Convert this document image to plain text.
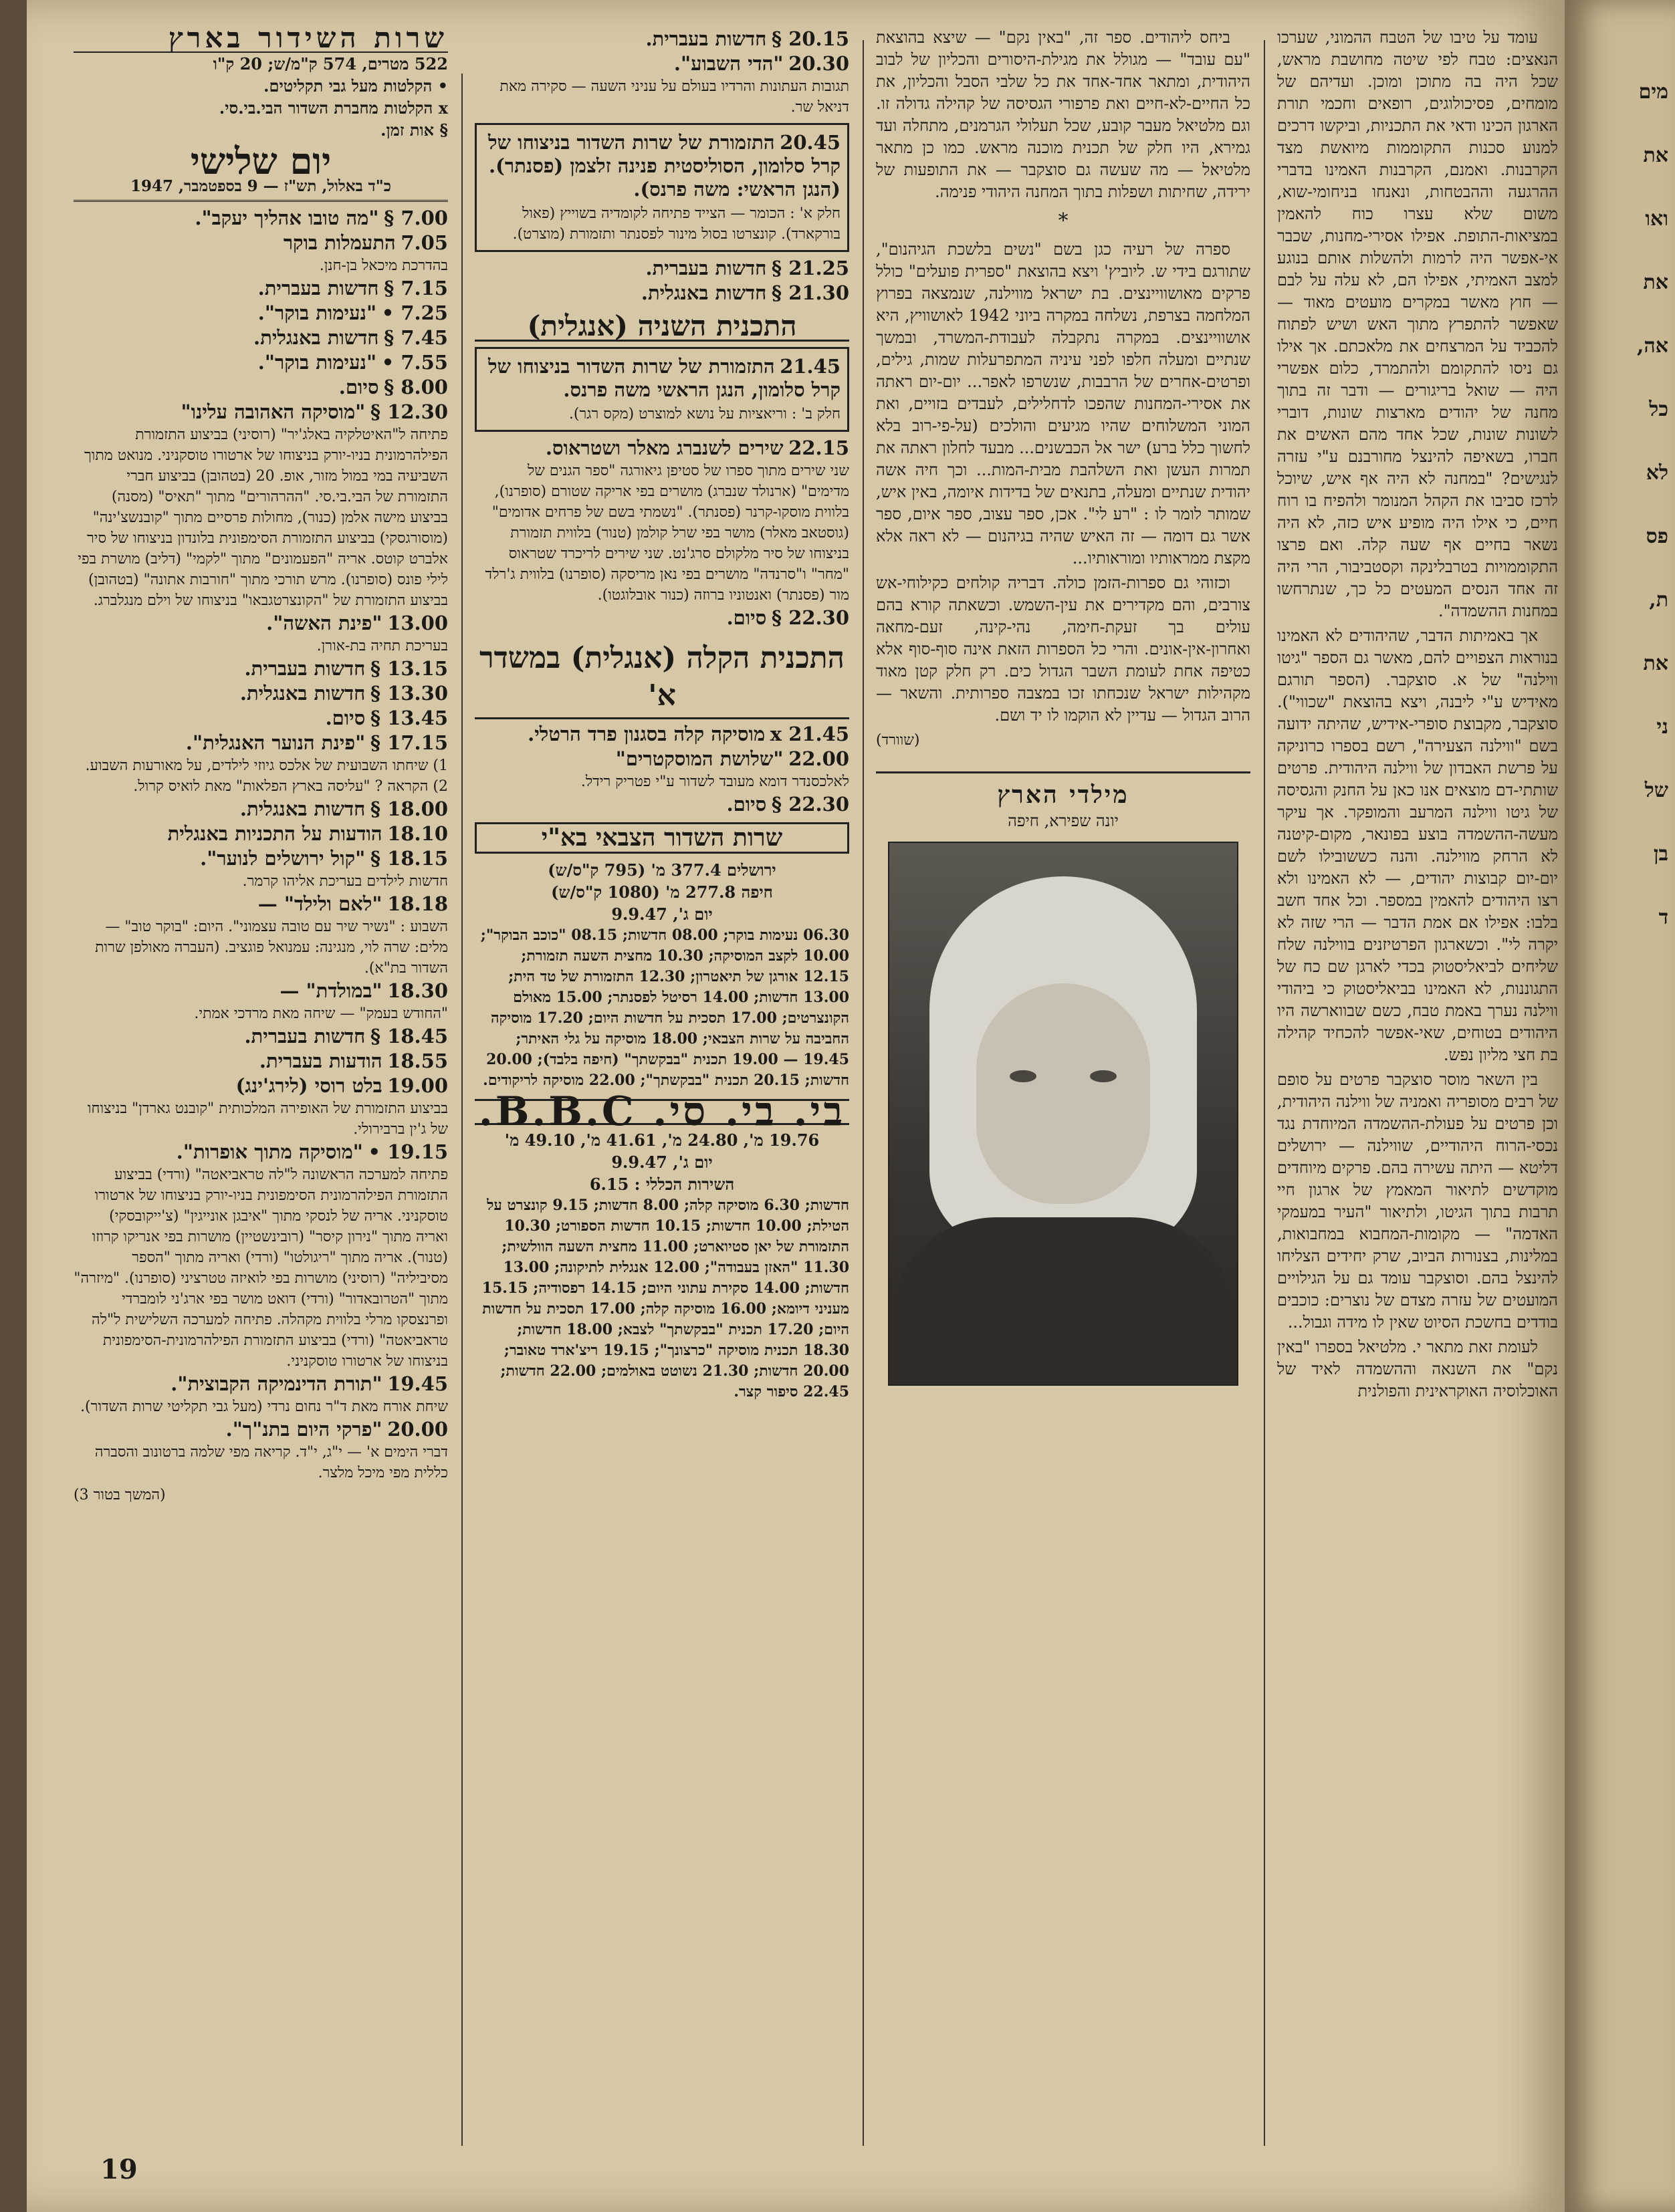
שרות השידור בארץ
522 מטרים, 574 ק"מ/ש; 20 ק"ו
• הקלטות מעל גבי תקליטים.
x הקלטות מחברת השדור הבי.בי.סי.
§ אות זמן.
יום שלישי
כ"ד באלול, תש"ז — 9 בספטמבר, 1947
7.00 § "מה טובו אהליך יעקב".
7.05 התעמלות בוקר
בהדרכת מיכאל בן-חנן.
7.15 § חדשות בעברית.
7.25 • "נעימות בוקר".
7.45 § חדשות באנגלית.
7.55 • "נעימות בוקר".
8.00 § סיום.
12.30 § "מוסיקה האהובה עלינו"
פתיחה ל"האיטלקיה באלג'יר" (רוסיני) בביצוע התזמורת הפילהרמונית בניו-יורק בניצוחו של ארטורו טוסקניני. מנואט מתוך השביעיה במי במול מזור, אופ. 20 (בטהובן) בביצוע חברי התזמורת של הבי.בי.סי. "ההרהורים" מתוך "תאיס" (מסנה) בביצוע מישה אלמן (כנור), מחולות פרסיים מתוך "קובנשצ'ינה" (מוסורגסקי) בביצוע התזמורת הסימפונית בלונדון בניצוחו של סיר אלברט קוטס. אריה "הפעמונים" מתוך "לקמי" (דליב) מושרת בפי לילי פונס (סופרנו). מרש תורכי מתוך "חורבות אתונה" (בטהובן) בביצוע התזמורת של "הקונצרטגבאו" בניצוחו של וילם מנגלברג.
13.00 "פינת האשה".
בעריכת תחיה בת-אורן.
13.15 § חדשות בעברית.
13.30 § חדשות באנגלית.
13.45 § סיום.
17.15 § "פינת הנוער האנגלית".
1) שיחתו השבועית של אלכס גיוזי לילדים, על מאורעות השבוע. 2) הקראה ? "עליסה בארץ הפלאות" מאת לואיס קרול.
18.00 § חדשות באנגלית.
18.10 הודעות על התכניות באנגלית
18.15 § "קול ירושלים לנוער".
חדשות לילדים בעריכת אליהו קרמר.
18.18 "לאם ולילד" —
השבוע : "נשיר שיר עם טובה עצמוני". היום: "בוקר טוב" — מלים: שרה לוי, מנגינה: עמנואל פוגציב. (העברה מאולפן שרות השדור בת"א).
18.30 "במולדת" —
"החודש בעמק" — שיחה מאת מרדכי אמתי.
18.45 § חדשות בעברית.
18.55 הודעות בעברית.
19.00 בלט רוסי (לירג'ינג)
בביצוע התזמורת של האופירה המלכותית "קובנט גארדן" בניצוחו של ג'ין ברבירולי.
19.15 • "מוסיקה מתוך אופרות".
פתיחה למערכה הראשונה ל"לה טראביאטה" (ורדי) בביצוע התזמורת הפילהרמונית הסימפונית בניו-יורק בניצוחו של ארטורו טוסקניני. אריה של לנסקי מתוך "איבגן אונייגין" (צ'ייקובסקי) ואריה מתוך "נירון קיסר" (רובינשטיין) מושרות בפי אנריקו קרוזו (טנור). אריה מתוך "ריגולטו" (ורדי) ואריה מתוך "הספר מסיביליה" (רוסיני) מושרות בפי לואיזה טטרציני (סופרנו). "מיזרה" מתוך "הטרובאדור" (ורדי) דואט מושר בפי ארג'ני לומברדי ופרנצסקו מרלי בלווית מקהלה. פתיחה למערכה השלישית ל"לה טראביאטה" (ורדי) בביצוע התזמורת הפילהרמונית-הסימפונית בניצוחו של ארטורו טוסקניני.
19.45 "תורת הדינמיקה הקבוצית".
שיחת אורח מאת ד"ר נחום נרדי (מעל גבי תקליטי שרות השדור).
20.00 "פרקי היום בתנ"ך".
דברי הימים א' — י"ג, י"ד. קריאה מפי שלמה ברטונוב והסברה כללית מפי מיכל מלצר.
(המשך בטור 3)
20.15 § חדשות בעברית.
20.30 "הדי השבוע".
תגובות העתונות והרדיו בעולם על עניני השעה — סקירה מאת דניאל שר.
20.45 התזמורת של שרות השדור בניצוחו של קרל סלומון, הסוליסטית פנינה זלצמן (פסנתר). (הנגן הראשי: משה פרנס).
חלק א' : הכומר — הצייד פתיחה לקומדיה בשוייץ (פאול בורקארד). קונצרטו בסול מינור לפסנתר ותזמורת (מוצרט).
21.25 § חדשות בעברית.
21.30 § חדשות באנגלית.
התכנית השניה (אנגלית)
21.45 התזמורת של שרות השדור בניצוחו של קרל סלומון, הנגן הראשי משה פרנס.
חלק ב' : וריאציות על נושא למוצרט (מקס רגר).
22.15 שירים לשנברג מאלר ושטראוס.
שני שירים מתוך ספרו של סטיפן גיאורגה "ספר הגנים של מדימים" (ארנולד שנברג) מושרים בפי אריקה שטורם (סופרנו), בלווית מוסקו-קרנר (פסנתר). "נשמתי בשם של פרחים אדומים" (גוסטאב מאלר) מושר בפי שרל קולמן (טנור) בלווית תזמורת בניצוחו של סיר מלקולם סרג'נט. שני שירים לריכרד שטראוס "מחר" ו"סרנדה" מושרים בפי נאן מריסקה (סופרנו) בלווית ג'רלד מור (פסנתר) ואנטוניו ברוזה (כנור אובלוגטו).
22.30 § סיום.
התכנית הקלה (אנגלית) במשדר א'
21.45 x מוסיקה קלה בסגנון פרד הרטלי.
22.00 "שלושת המוסקטרים"
לאלכסנדר דומא מעובד לשדור ע"י פטריק רידל.
22.30 § סיום.
שרות השדור הצבאי בא"י
ירושלים 377.4 מ' (795 ק"ס/ש)
חיפה 277.8 מ' (1080 ק"ס/ש)
יום ג', 9.9.47
06.30 נעימות בוקר; 08.00 חדשות; 08.15 "כוכב הבוקר"; 10.00 לקצב המוסיקה; 10.30 מחצית השעה תזמורת; 12.15 אורגן של תיאטרון; 12.30 התזמורת של טד הית; 13.00 חדשות; 14.00 רסיטל לפסנתר; 15.00 מאולם הקונצרטים; 17.00 תסכית על חדשות היום; 17.20 מוסיקה החביבה על שרות הצבאי; 18.00 מוסיקה על גלי האיתר; 19.45 — 19.00 תכנית "בבקשתך" (חיפה בלבד); 20.00 חדשות; 20.15 תכנית "בבקשתך"; 22.00 מוסיקה לריקודים.
בי. בי. סי. B.B.C.
19.76 מ', 24.80 מ', 41.61 מ', 49.10 מ'
יום ג', 9.9.47
השירות הכללי : 6.15
חדשות; 6.30 מוסיקה קלה; 8.00 חדשות; 9.15 קונצרט על הטילת; 10.00 חדשות; 10.15 חדשות הספורט; 10.30 התזמורת של יאן סטיוארט; 11.00 מחצית השעה הוולשית; 11.30 "האזן בעבודה"; 12.00 אנגלית לתיקונה; 13.00 חדשות; 14.00 סקירת עתוני היום; 14.15 רפסודיה; 15.15 מעניני דיומא; 16.00 מוסיקה קלה; 17.00 תסכית על חדשות היום; 17.20 תכנית "בבקשתך" לצבא; 18.00 חדשות; 18.30 תכנית מוסיקה "כרצונך"; 19.15 ריצ'ארד טאובר; 20.00 חדשות; 21.30 נשוטט באולמים; 22.00 חדשות; 22.45 סיפור קצר.
ביחס ליהודים. ספר זה, "באין נקם" — שיצא בהוצאת "עם עובד" — מגולל את מגילת-היסורים והכליון של לבוב היהודית, ומתאר אחד-אחד את כל שלבי הסבל והכליון, את כל החיים-לא-חיים ואת פרפורי הגסיסה של קהילה גדולה זו. וגם מלטיאל מעבר קובע, שכל תעלולי הגרמנים, מתחלה ועד גמירא, היו חלק של תכנית מוכנה מראש. כמו כן מתאר מלטיאל — מה שעשה גם סוצקבר — את התופעות של ירידה, שחיתות ושפלות בתוך המחנה היהודי פנימה.
*
ספרה של רעיה כגן בשם "נשים בלשכת הגיהנום", שתורגם בידי ש. ליוביץ' ויצא בהוצאת "ספרית פועלים" כולל פרקים מאושוויינצים. בת ישראל מווילנה, שנמצאה בפרוץ המלחמה בצרפת, נשלחה במקרה ביוני 1942 לאושוויץ, היא אושוויינצים. במקרה נתקבלה לעבודת-המשרד, ובמשך שנתיים ומעלה חלפו לפני עיניה המתפרעלות שמות, גילים, ופרטים-אחרים של הרבבות, שנשרפו לאפר... יום-יום ראתה את אסירי-המחנות שהפכו לדחלילים, לעבדים בזויים, ואת המוני המשלוחים שהיו מגיעים והולכים (על-פי-רוב בלא לחשוך כלל ברע) ישר אל הכבשנים... מבעד לחלון ראתה את תמרות העשן ואת השלהבת מבית-המות... וכך חיה אשה יהודית שנתיים ומעלה, בתנאים של בדידות איומה, באין איש, שמותר לומר לו : "רע לי". אכן, ספר עצוב, ספר איום, ספר אשר גם דומה — זה האיש שהיה בגיהנום — לא ראה אלא מקצת ממראותיו ומוראותיו...
וכזוהי גם ספרות-הזמן כולה. דבריה קולחים כקילוחי-אש צורבים, והם מקדירים את עין-השמש. וכשאתה קורא בהם עולים בך זעקת-חימה, נהי-קינה, זעם-מחאה ואחרון-אין-אונים. והרי כל הספרות הזאת אינה סוף-סוף אלא כטיפה אחת לעומת השבר הגדול כים. רק חלק קטן מאוד מקהילות ישראל שנכחתו זכו במצבה ספרותית. והשאר — הרוב הגדול — עדיין לא הוקמו לו יד ושם.
(שוורד)
מילדי הארץ
יונה שפירא, חיפה
עומד על טיבו של הטבח ההמוני, שערכו הנאצים: טבח לפי שיטה מחושבת מראש, שכל היה בה מתוכן ומוכן. ועדיהם של מומחים, פסיכולוגים, רופאים וחכמי תורת הארגון הכינו ודאי את התכניות, וביקשו דרכים למנוע סכנות התקוממות מיואשת מצד הקרבנות. ואמנם, הקרבנות האמינו בדברי ההרגעה וההבטחות, ונאנחו בניחומי-שוא, משום שלא עצרו כוח להאמין במציאות-התופת. אפילו אסירי-מחנות, שכבר אי-אפשר היה לרמות ולהשלות אותם בנוגע למצב האמיתי, אפילו הם, לא עלה על לבם — חוץ מאשר במקרים מועטים מאוד — שאפשר להתפרץ מתוך האש ושיש לפתוח להכביד על המרצחים את מלאכתם. אך אילו גם ניסו להתקומם ולהתמרד, כלום אפשרי היה — שואל בריגורים — ודבר זה בתוך מחנה של יהודים מארצות שונות, דוברי לשונות שונות, שכל אחד מהם האשים את חברו, בשאיפה להינצל מחורבנם ע"י עזרה לנגישים? "במחנה לא היה אף איש, שיוכל לרכז סביבו את הקהל המנומר ולהפיח בו רוח חיים, כי אילו היה מופיע איש כזה, לא היה נשאר בחיים אף שעה קלה. ואם פרצו התקוממויות בטרבלינקה וקסטביבור, הרי היה זה אחד הנסים המעטים כל כך, שנתרחשו במחנות ההשמדה".
אך באמיתות הדבר, שהיהודים לא האמינו בנוראות הצפויים להם, מאשר גם הספר "גיטו ווילנה" של א. סוצקבר. (הספר תורגם מאידיש ע"י ליבנה, ויצא בהוצאת "שכווי"). סוצקבר, מקבוצת סופרי-אידיש, שהיתה ידועה בשם "ווילנה הצעירה", רשם בספרו כרוניקה על פרשת האבדון של ווילנה היהודית. פרטים שותתי-דם מוצאים אנו כאן על החנק והגסיסה של גיטו ווילנה המרעב והמופקר. אך עיקר מעשה-ההשמדה בוצע בפונאר, מקום-קיטנה לא הרחק מווילנה. והנה כששובילו לשם יום-יום קבוצות יהודים, — לא האמינו ולא רצו היהודים להאמין במספר. וכל אחד חשב בלבו: אפילו אם אמת הדבר — הרי שזה לא יקרה לי". וכשארגון הפרטיזנים בווילנה שלח שליחים לביאליסטוק בכדי לארגן שם כח של התגוננות, לא האמינו בביאליסטוק כי ביהודי ווילנה נערך באמת טבח, כשם שבווארשה היו היהודים בטוחים, שאי-אפשר להכחיד קהילה בת חצי מליון נפש.
בין השאר מוסר סוצקבר פרטים על סופם של רבים מסופריה ואמניה של ווילנה היהודית, וכן פרטים על פעולת-ההשמדה המיוחדת נגד נכסי-הרוח היהודיים, שווילנה — ירושלים דליטא — היתה עשירה בהם. פרקים מיוחדים מוקדשים לתיאור המאמץ של ארגון חיי תרבות בתוך הגיטו, ולתיאור "העיר במעמקי האדמה" — מקומות-המחבוא במחבואות, במלינות, בצנורות הביוב, שרק יחידים הצליחו להינצל בהם. וסוצקבר עומד גם על הגילויים המועטים של עזרה מצדם של נוצרים: כוכבים בודדים בחשכת הסיוט שאין לו מידה וגבול...
לעומת זאת מתאר י. מלטיאל בספרו "באין נקם" את השנאה וההשמדה לאיד של האוכלוסיה האוקראינית והפולנית
19
מים
את
ואו
את
אה,
כל
לא
פס
ת,
את
ני
של
בן
ד
